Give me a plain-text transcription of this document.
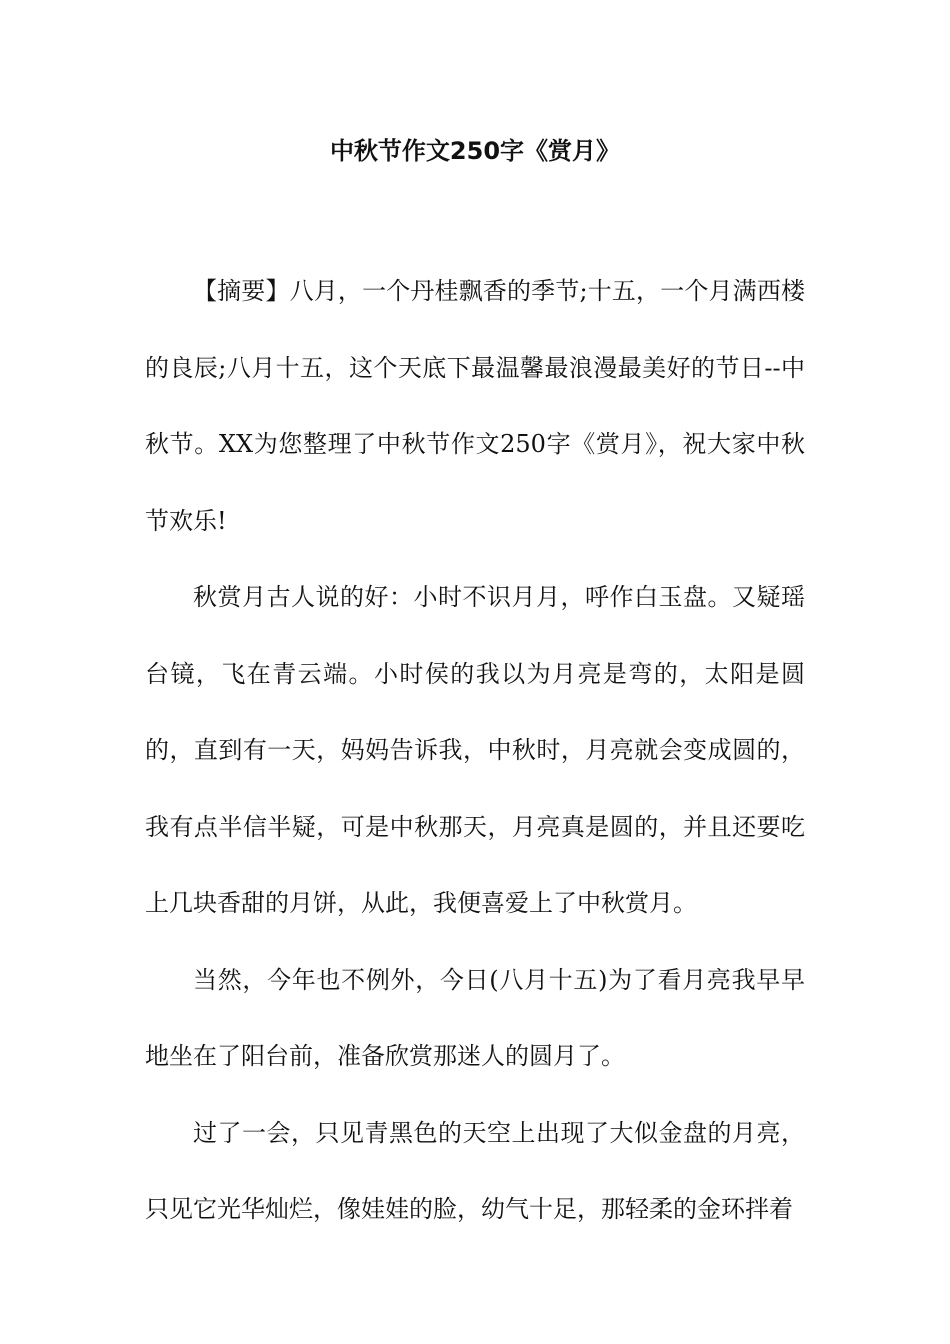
中秋节作文250字《赏月》

【摘要】八月，一个丹桂飘香的季节;十五，一个月满西楼的良辰;八月十五，这个天底下最温馨最浪漫最美好的节日--中秋节。XX为您整理了中秋节作文250字《赏月》，祝大家中秋节欢乐!

秋赏月古人说的好：小时不识月月，呼作白玉盘。又疑瑶台镜，飞在青云端。小时侯的我以为月亮是弯的，太阳是圆的，直到有一天，妈妈告诉我，中秋时，月亮就会变成圆的，我有点半信半疑，可是中秋那天，月亮真是圆的，并且还要吃上几块香甜的月饼，从此，我便喜爱上了中秋赏月。

当然，今年也不例外，今日(八月十五)为了看月亮我早早地坐在了阳台前，准备欣赏那迷人的圆月了。

过了一会，只见青黑色的天空上出现了大似金盘的月亮，只见它光华灿烂，像娃娃的脸，幼气十足，那轻柔的金环拌着
